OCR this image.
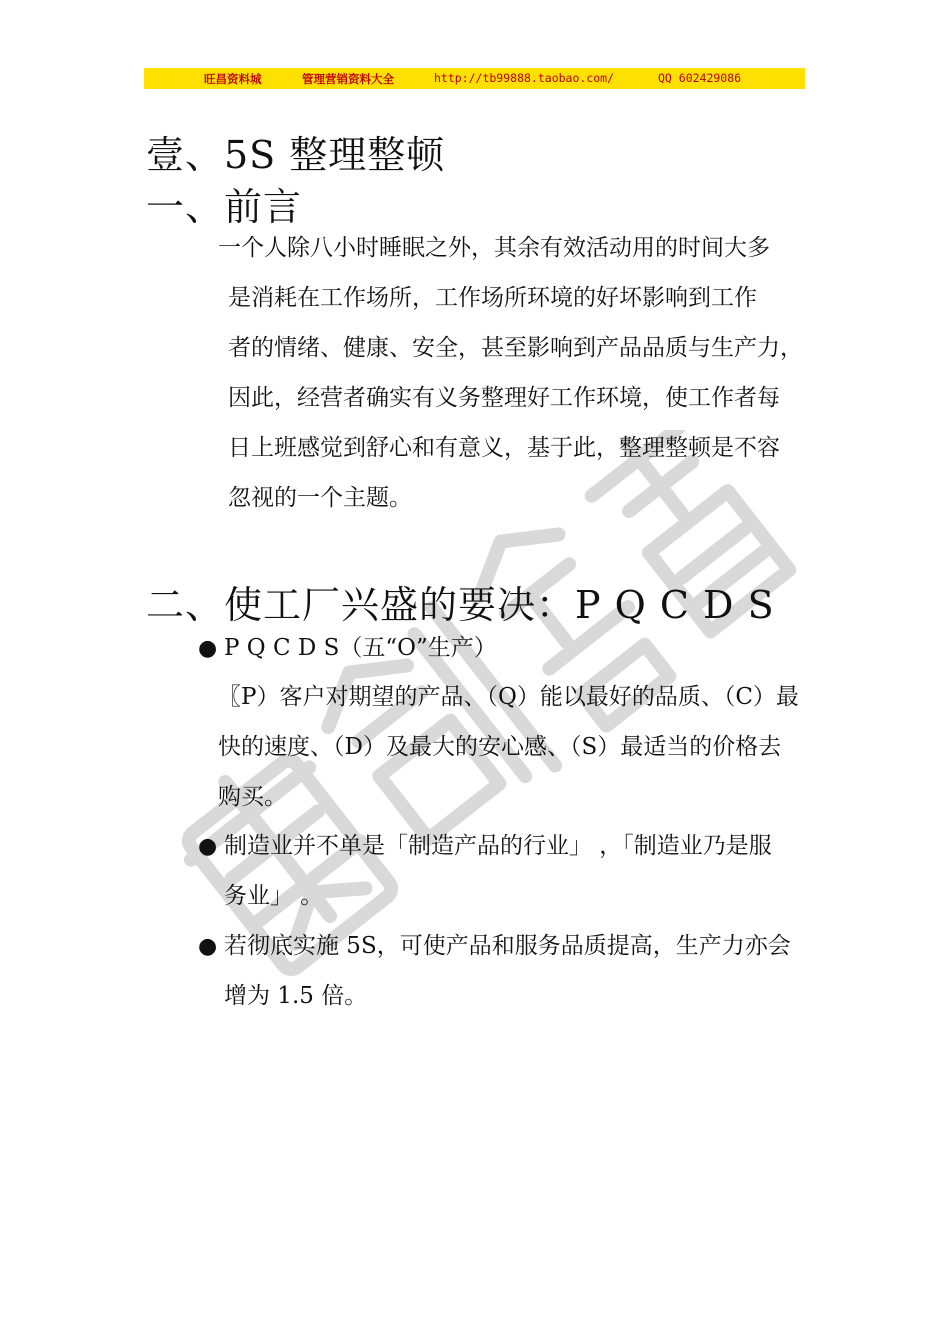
旺昌资料城	管理营销资料大全	http://tb99888.taobao.com/	QQ 602429086
壹、5S 整理整顿
一、前言
一个人除八小时睡眠之外，其余有效活动用的时间大多
是消耗在工作场所，工作场所环境的好坏影响到工作
者的情绪、健康、安全，甚至影响到产品品质与生产力，
因此，经营者确实有义务整理好工作环境，使工作者每
日上班感觉到舒心和有意义，基于此，整理整顿是不容
忽视的一个主题。
二、使工厂兴盛的要决：P Q C D S
● P Q C D S（五“O”生产）
〖P）客户对期望的产品、（Q）能以最好的品质、（C）最
快的速度、（D）及最大的安心感、（S）最适当的价格去
购买。
● 制造业并不单是「制造产品的行业」 ，「制造业乃是服
务业」 。
● 若彻底实施 5S，可使产品和服务品质提高，生产力亦会
增为 1.5 倍。
